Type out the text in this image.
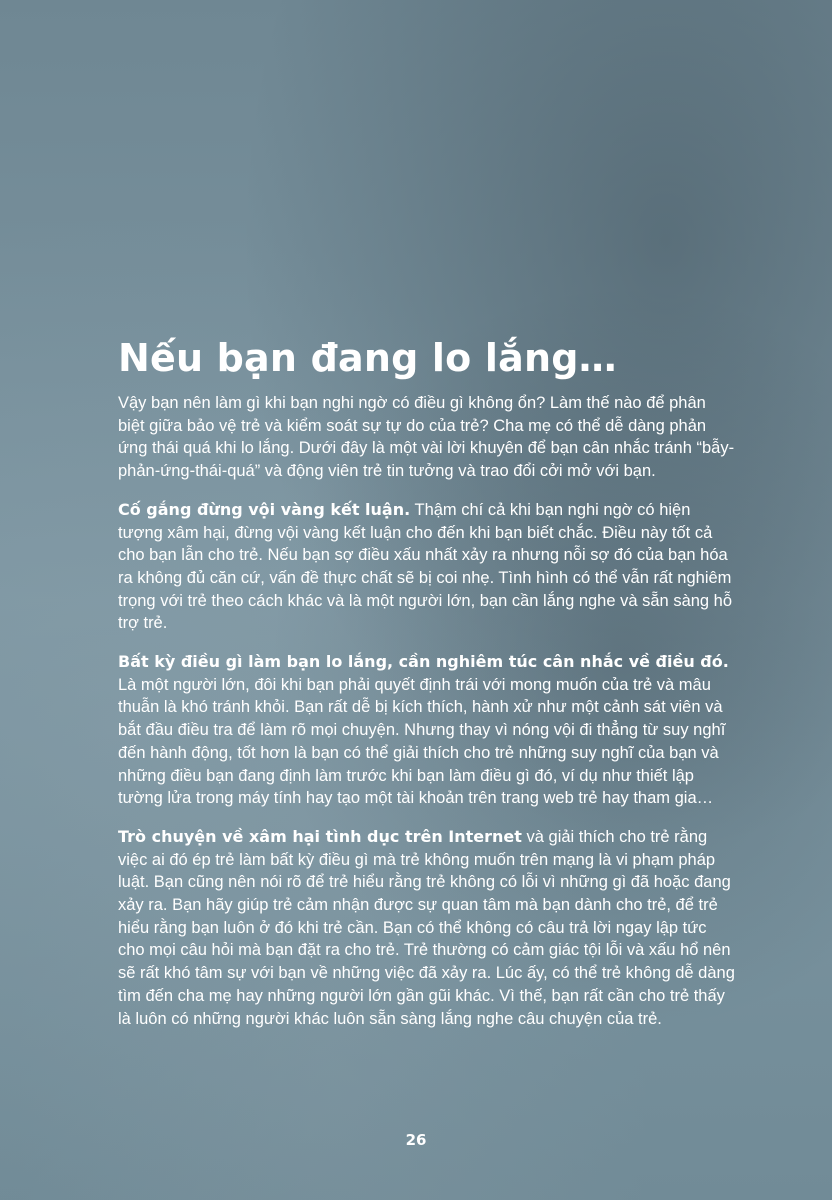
Nếu bạn đang lo lắng…

Vậy bạn nên làm gì khi bạn nghi ngờ có điều gì không ổn? Làm thế nào để phân biệt giữa bảo vệ trẻ và kiểm soát sự tự do của trẻ? Cha mẹ có thể dễ dàng phản ứng thái quá khi lo lắng. Dưới đây là một vài lời khuyên để bạn cân nhắc tránh “bẫy-phản-ứng-thái-quá” và động viên trẻ tin tưởng và trao đổi cởi mở với bạn.

Cố gắng đừng vội vàng kết luận. Thậm chí cả khi bạn nghi ngờ có hiện tượng xâm hại, đừng vội vàng kết luận cho đến khi bạn biết chắc. Điều này tốt cả cho bạn lẫn cho trẻ. Nếu bạn sợ điều xấu nhất xảy ra nhưng nỗi sợ đó của bạn hóa ra không đủ căn cứ, vấn đề thực chất sẽ bị coi nhẹ. Tình hình có thể vẫn rất nghiêm trọng với trẻ theo cách khác và là một người lớn, bạn cần lắng nghe và sẵn sàng hỗ trợ trẻ.

Bất kỳ điều gì làm bạn lo lắng, cần nghiêm túc cân nhắc về điều đó. Là một người lớn, đôi khi bạn phải quyết định trái với mong muốn của trẻ và mâu thuẫn là khó tránh khỏi. Bạn rất dễ bị kích thích, hành xử như một cảnh sát viên và bắt đầu điều tra để làm rõ mọi chuyện. Nhưng thay vì nóng vội đi thẳng từ suy nghĩ đến hành động, tốt hơn là bạn có thể giải thích cho trẻ những suy nghĩ của bạn và những điều bạn đang định làm trước khi bạn làm điều gì đó, ví dụ như thiết lập tường lửa trong máy tính hay tạo một tài khoản trên trang web trẻ hay tham gia…

Trò chuyện về xâm hại tình dục trên Internet và giải thích cho trẻ rằng việc ai đó ép trẻ làm bất kỳ điều gì mà trẻ không muốn trên mạng là vi phạm pháp luật. Bạn cũng nên nói rõ để trẻ hiểu rằng trẻ không có lỗi vì những gì đã hoặc đang xảy ra. Bạn hãy giúp trẻ cảm nhận được sự quan tâm mà bạn dành cho trẻ, để trẻ hiểu rằng bạn luôn ở đó khi trẻ cần. Bạn có thể không có câu trả lời ngay lập tức cho mọi câu hỏi mà bạn đặt ra cho trẻ. Trẻ thường có cảm giác tội lỗi và xấu hổ nên sẽ rất khó tâm sự với bạn về những việc đã xảy ra. Lúc ấy, có thể trẻ không dễ dàng tìm đến cha mẹ hay những người lớn gần gũi khác. Vì thế, bạn rất cần cho trẻ thấy là luôn có những người khác luôn sẵn sàng lắng nghe câu chuyện của trẻ.

26
